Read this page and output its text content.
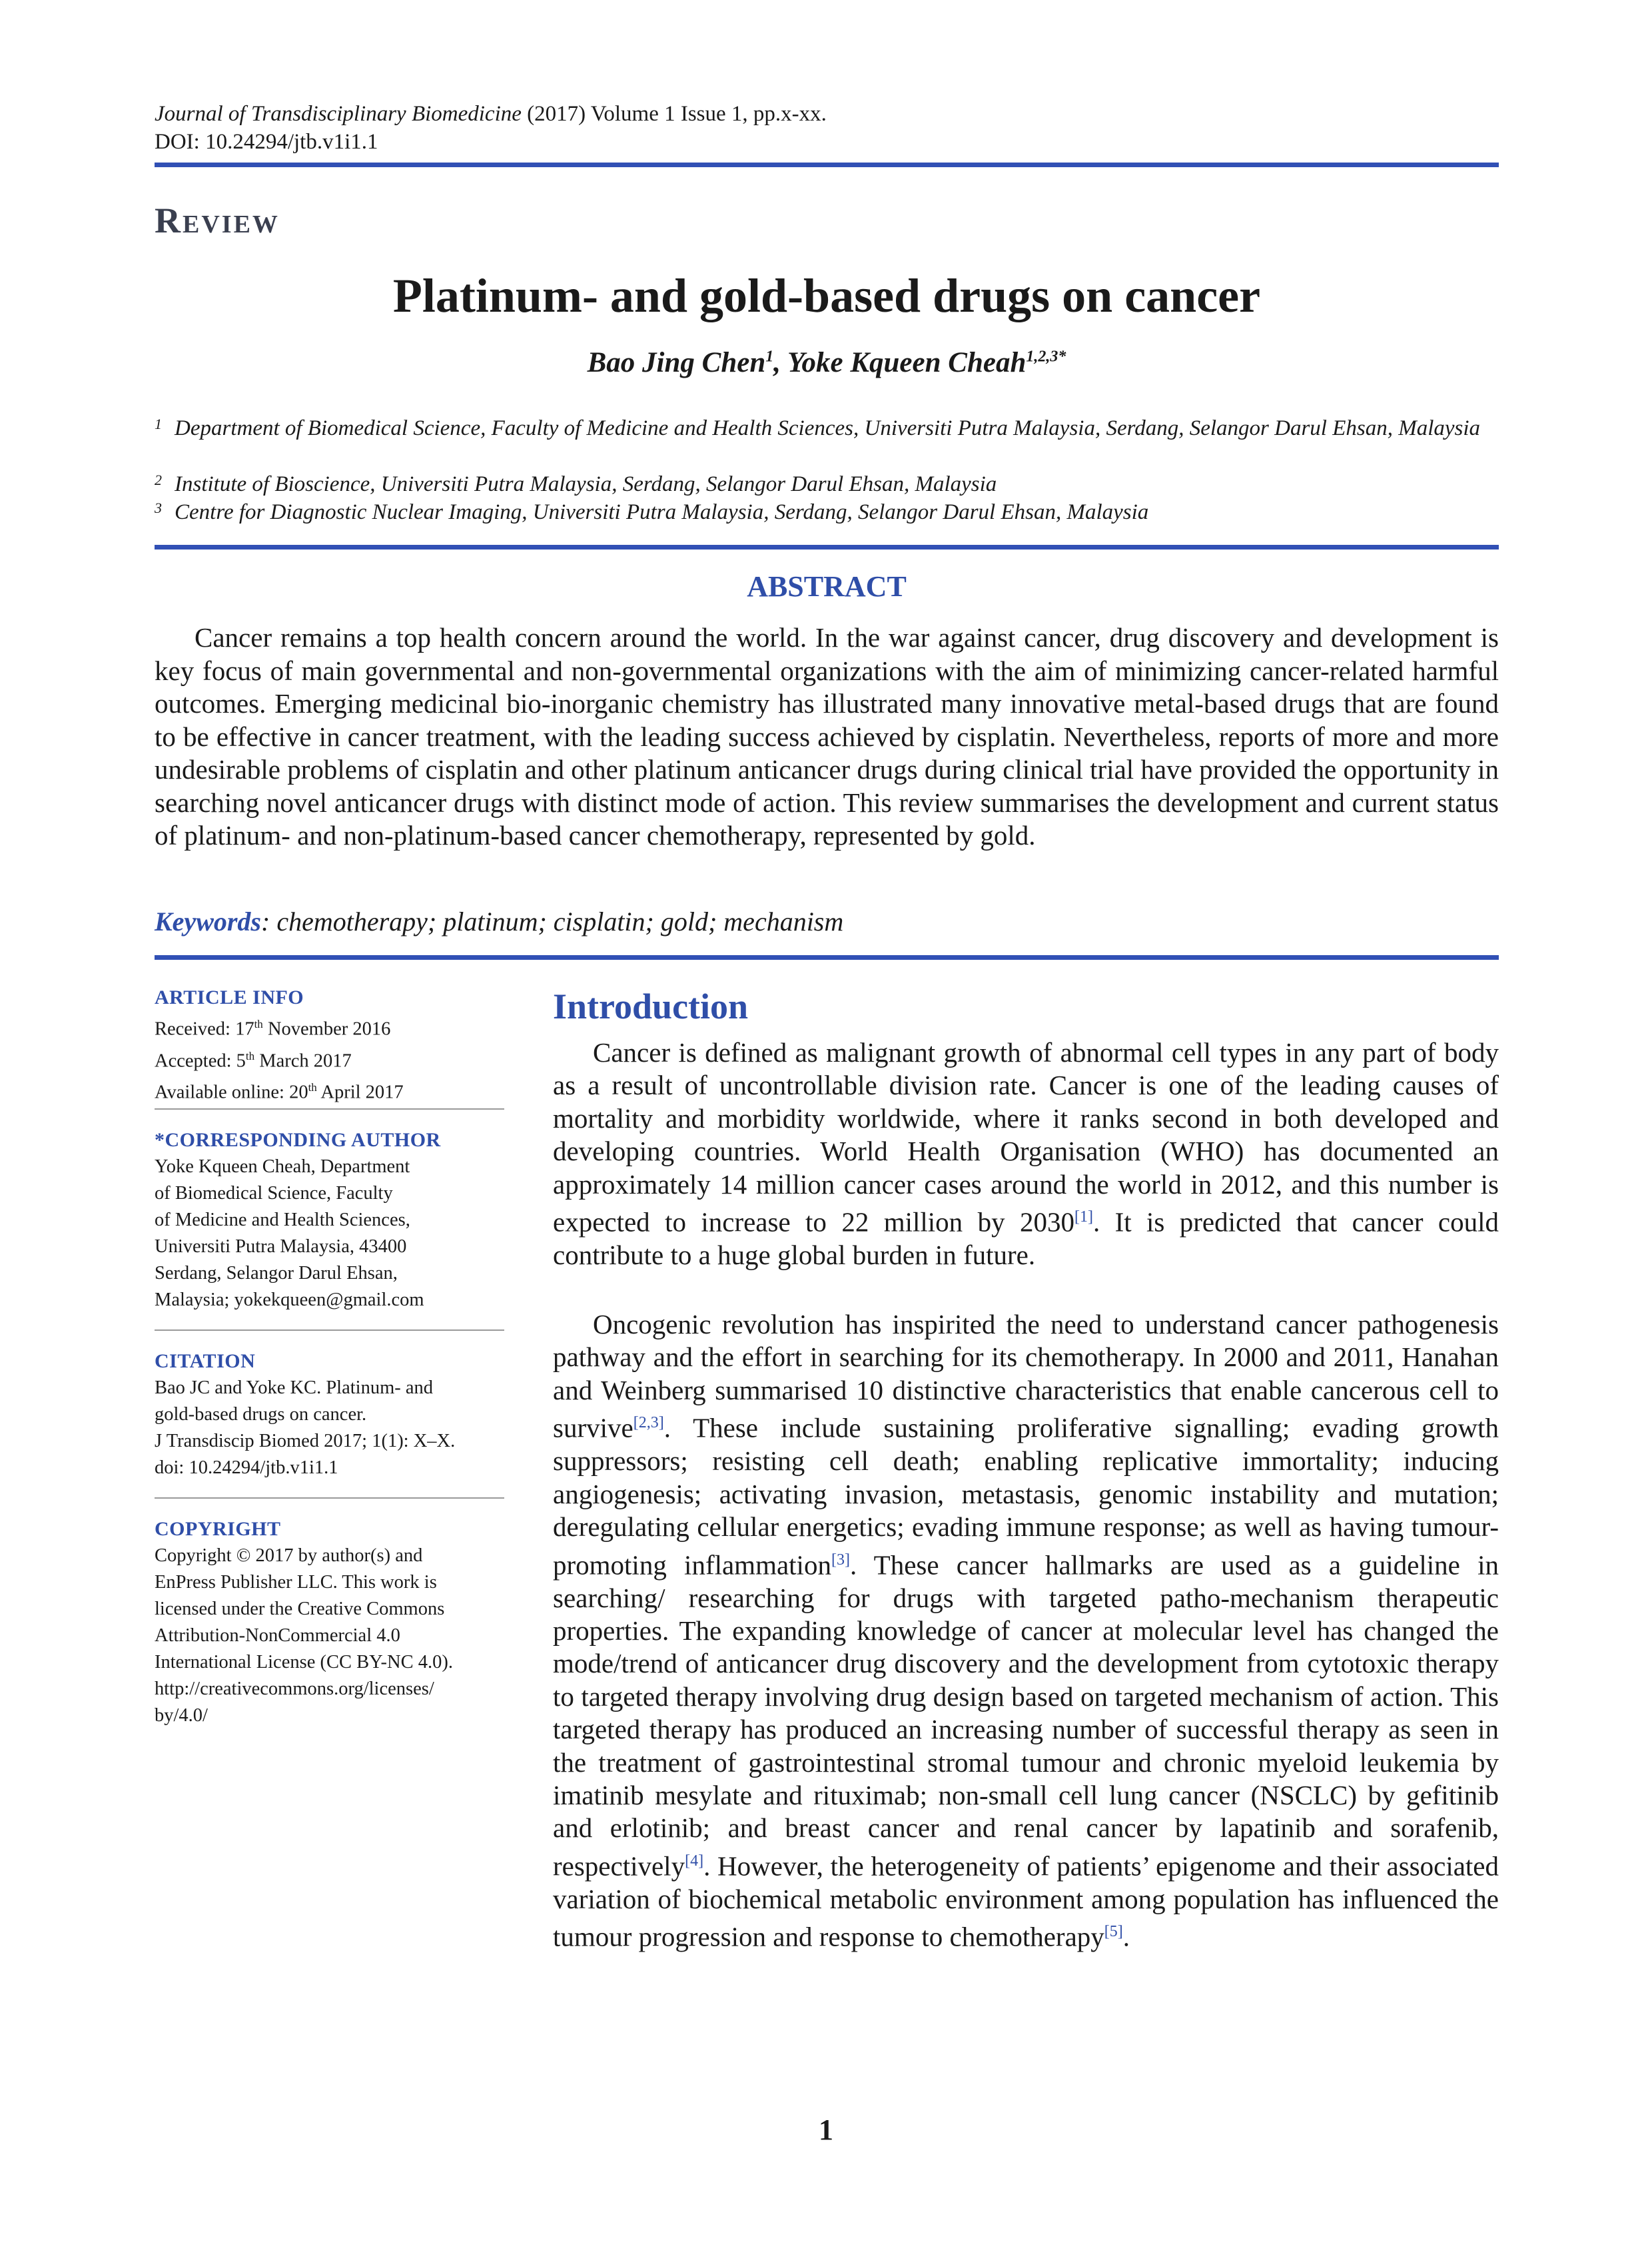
Journal of Transdisciplinary Biomedicine (2017) Volume 1 Issue 1, pp.x-xx.
DOI: 10.24294/jtb.v1i1.1
Review
Platinum- and gold-based drugs on cancer
Bao Jing Chen$^1$, Yoke Kqueen Cheah$^{1,2,3*}$
1 Department of Biomedical Science, Faculty of Medicine and Health Sciences, Universiti Putra Malaysia, Serdang, Selangor Darul Ehsan, Malaysia
2 Institute of Bioscience, Universiti Putra Malaysia, Serdang, Selangor Darul Ehsan, Malaysia
3 Centre for Diagnostic Nuclear Imaging, Universiti Putra Malaysia, Serdang, Selangor Darul Ehsan, Malaysia
ABSTRACT
Cancer remains a top health concern around the world. In the war against cancer, drug discovery and development is key focus of main governmental and non-governmental organizations with the aim of minimizing cancer-related harmful outcomes. Emerging medicinal bio-inorganic chemistry has illustrated many innovative metal-based drugs that are found to be effective in cancer treatment, with the leading success achieved by cisplatin. Nevertheless, reports of more and more undesirable problems of cisplatin and other platinum anticancer drugs during clinical trial have provided the opportunity in searching novel anticancer drugs with distinct mode of action. This review summarises the development and current status of platinum- and non-platinum-based cancer chemotherapy, represented by gold.
Keywords: chemotherapy; platinum; cisplatin; gold; mechanism
ARTICLE INFO
Received: 17th November 2016
Accepted: 5th March 2017
Available online: 20th April 2017
*CORRESPONDING AUTHOR
Yoke Kqueen Cheah, Department
of Biomedical Science, Faculty
of Medicine and Health Sciences,
Universiti Putra Malaysia, 43400
Serdang, Selangor Darul Ehsan,
Malaysia; yokekqueen@gmail.com
CITATION
Bao JC and Yoke KC. Platinum- and
gold-based drugs on cancer.
J Transdiscip Biomed 2017; 1(1): X–X.
doi: 10.24294/jtb.v1i1.1
COPYRIGHT
Copyright © 2017 by author(s) and
EnPress Publisher LLC. This work is
licensed under the Creative Commons
Attribution-NonCommercial 4.0
International License (CC BY-NC 4.0).
http://creativecommons.org/licenses/
by/4.0/
Introduction
Cancer is defined as malignant growth of abnormal cell types in any part of body as a result of uncontrollable division rate. Cancer is one of the leading causes of mortality and morbidity worldwide, where it ranks second in both developed and developing countries. World Health Organisation (WHO) has documented an approximately 14 million cancer cases around the world in 2012, and this number is expected to increase to 22 million by 2030[1]. It is predicted that cancer could contribute to a huge global burden in future.
Oncogenic revolution has inspirited the need to understand cancer pathogenesis pathway and the effort in searching for its chemotherapy. In 2000 and 2011, Hanahan and Weinberg summarised 10 distinctive characteristics that enable cancerous cell to survive[2,3]. These include sustaining proliferative signalling; evading growth suppressors; resisting cell death; enabling replicative immortality; inducing angiogenesis; activating invasion, metastasis, genomic instability and mutation; deregulating cellular energetics; evading immune response; as well as having tumour-promoting inflammation[3]. These cancer hallmarks are used as a guideline in searching/ researching for drugs with targeted patho-mechanism therapeutic properties. The expanding knowledge of cancer at molecular level has changed the mode/trend of anticancer drug discovery and the development from cytotoxic therapy to targeted therapy involving drug design based on targeted mechanism of action. This targeted therapy has produced an increasing number of successful therapy as seen in the treatment of gastrointestinal stromal tumour and chronic myeloid leukemia by imatinib mesylate and rituximab; non-small cell lung cancer (NSCLC) by gefitinib and erlotinib; and breast cancer and renal cancer by lapatinib and sorafenib, respectively[4]. However, the heterogeneity of patients’ epigenome and their associated variation of biochemical metabolic environment among population has influenced the tumour progression and response to chemotherapy[5].
1
